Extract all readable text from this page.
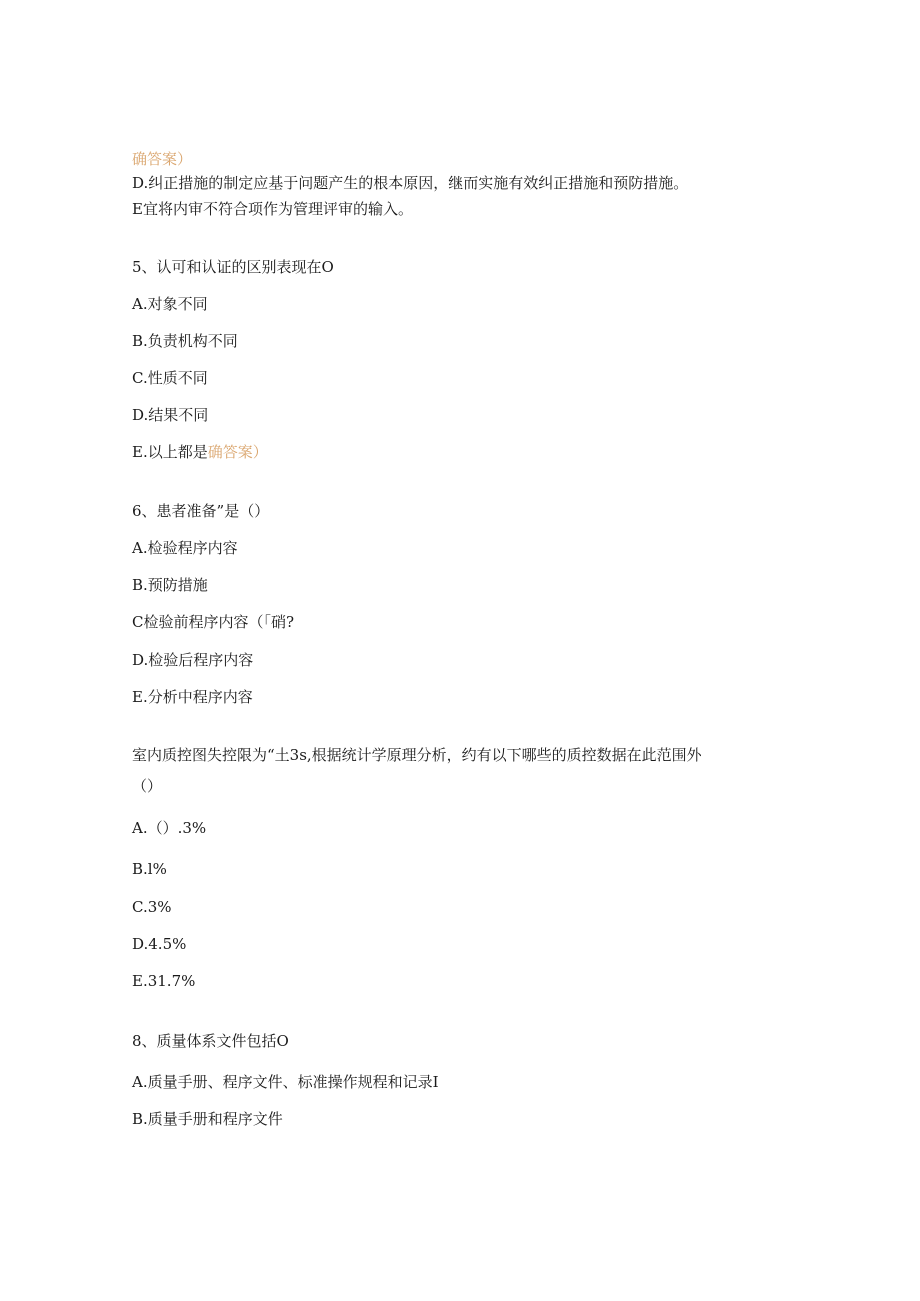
确答案）
D.纠正措施的制定应基于问题产生的根本原因，继而实施有效纠正措施和预防措施。
E宜将内审不符合项作为管理评审的输入。
5、认可和认证的区别表现在O
A.对象不同
B.负责机构不同
C.性质不同
D.结果不同
E.以上都是确答案）
6、患者准备”是（）
A.检验程序内容
B.预防措施
C检验前程序内容（「硝?
D.检验后程序内容
E.分析中程序内容
室内质控图失控限为“土3s,根据统计学原理分析，约有以下哪些的质控数据在此范围外
（）
A.（）.3%
B.l%
C.3%
D.4.5%
E.31.7%
8、质量体系文件包括O
A.质量手册、程序文件、标准操作规程和记录I
B.质量手册和程序文件
